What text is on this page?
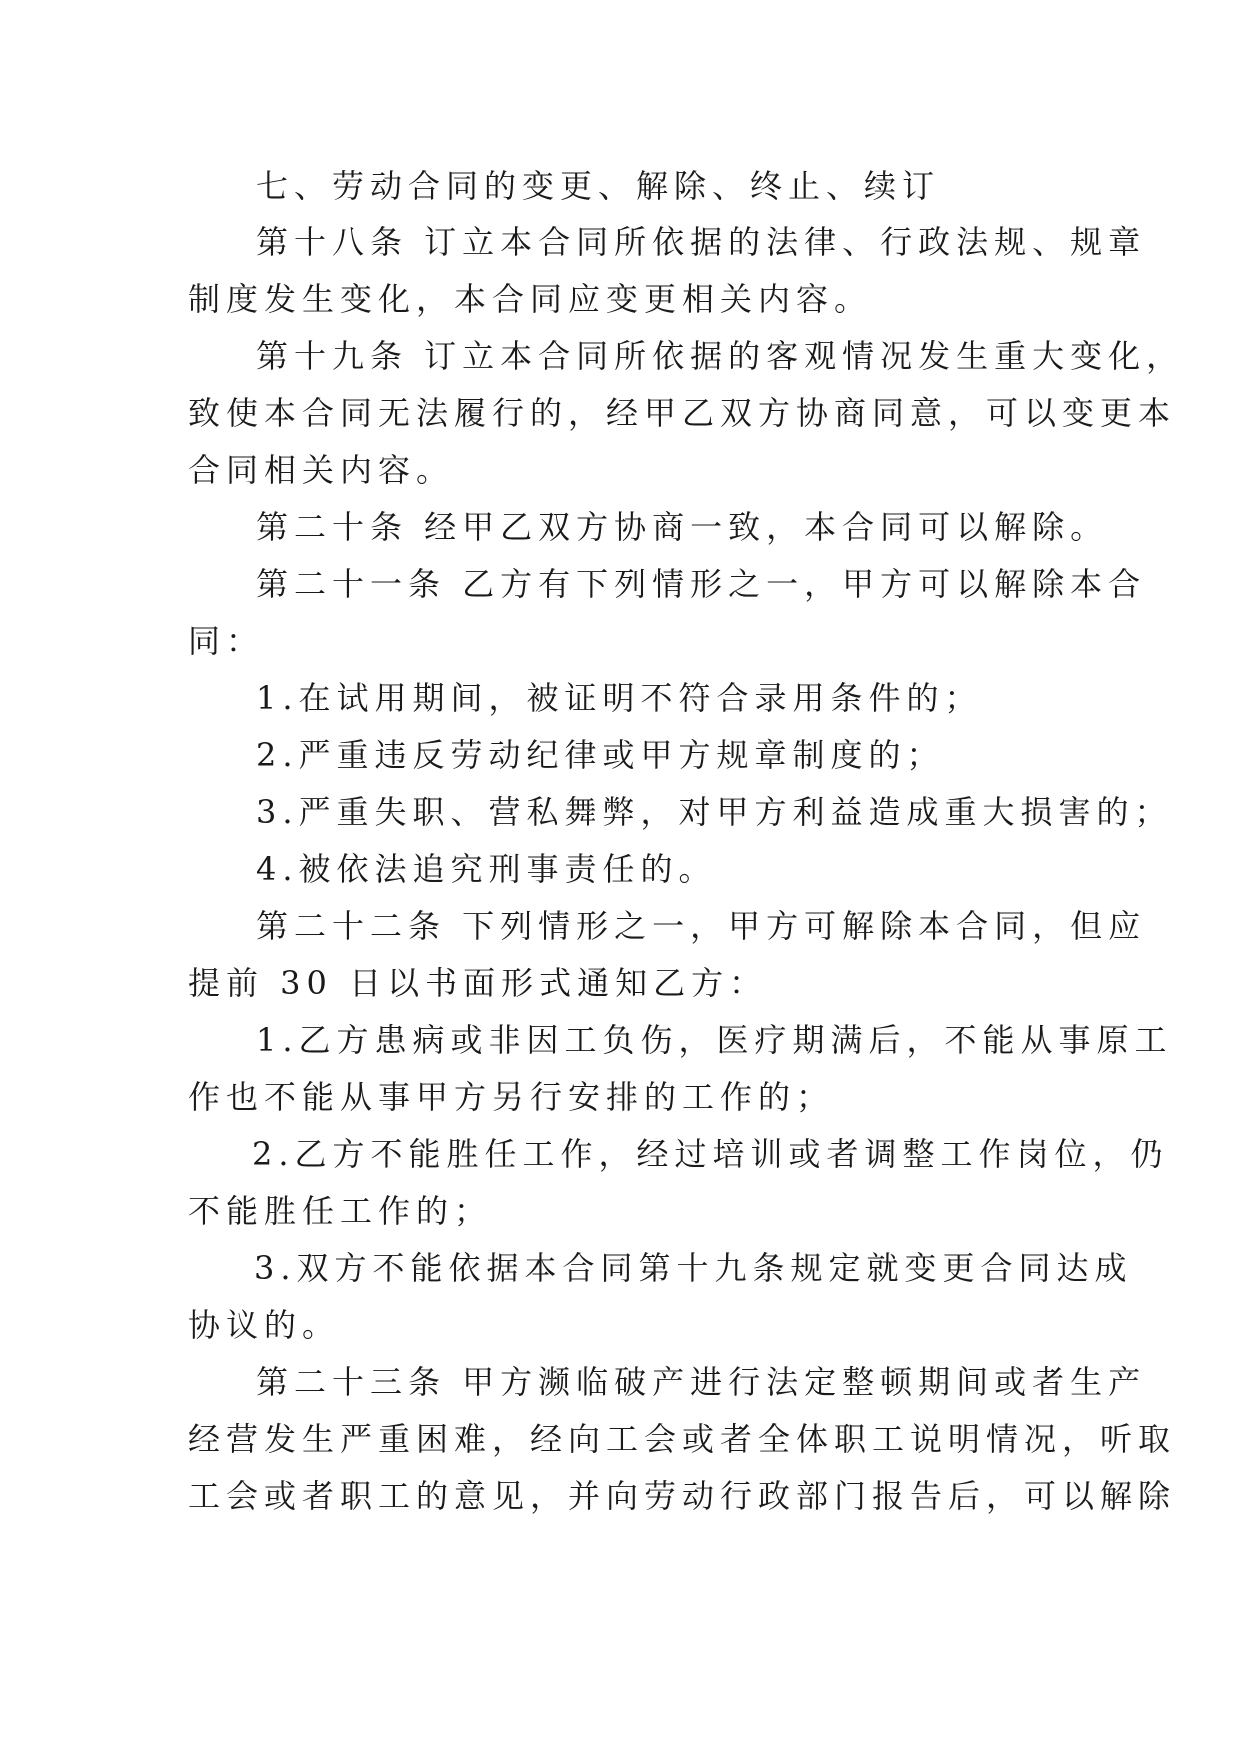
七、劳动合同的变更、解除、终止、续订
第十八条 订立本合同所依据的法律、行政法规、规章
制度发生变化，本合同应变更相关内容。
第十九条 订立本合同所依据的客观情况发生重大变化，
致使本合同无法履行的，经甲乙双方协商同意，可以变更本
合同相关内容。
第二十条 经甲乙双方协商一致，本合同可以解除。
第二十一条 乙方有下列情形之一，甲方可以解除本合
同：
1.在试用期间，被证明不符合录用条件的；
2.严重违反劳动纪律或甲方规章制度的；
3.严重失职、营私舞弊，对甲方利益造成重大损害的；
4.被依法追究刑事责任的。
第二十二条 下列情形之一，甲方可解除本合同，但应
提前 30 日以书面形式通知乙方：
1.乙方患病或非因工负伤，医疗期满后，不能从事原工
作也不能从事甲方另行安排的工作的；
2.乙方不能胜任工作，经过培训或者调整工作岗位，仍
不能胜任工作的；
3.双方不能依据本合同第十九条规定就变更合同达成
协议的。
第二十三条 甲方濒临破产进行法定整顿期间或者生产
经营发生严重困难，经向工会或者全体职工说明情况，听取
工会或者职工的意见，并向劳动行政部门报告后，可以解除
